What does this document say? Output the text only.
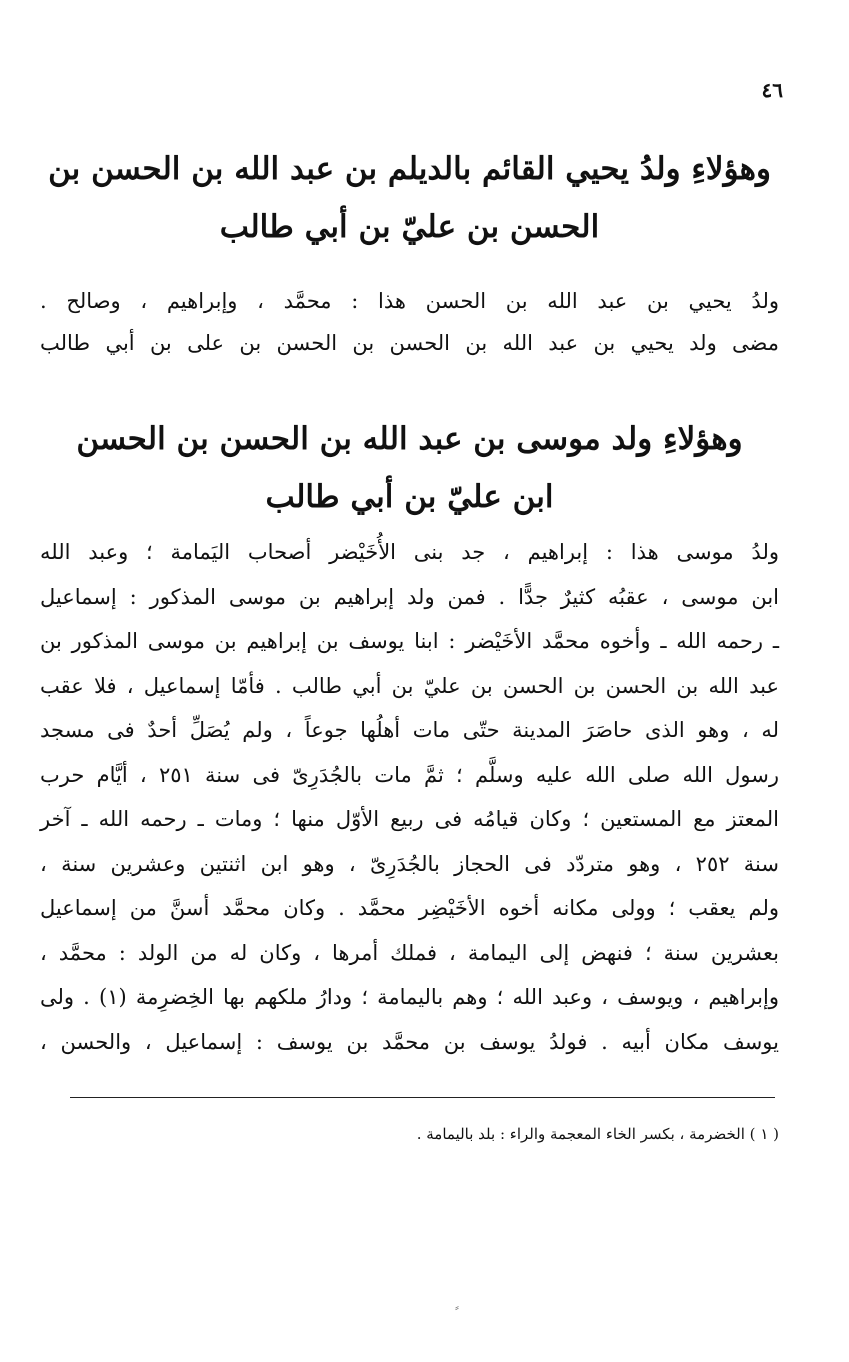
٤٦
وهؤلاءِ ولدُ يحيي القائم بالديلم بن عبد الله بن الحسن بن
الحسن بن عليّ بن أبي طالب
ولدُ يحيي بن عبد الله بن الحسن هذا : محمَّد ، وإبراهيم ، وصالح .
مضى ولد يحيي بن عبد الله بن الحسن بن الحسن بن على بن أبي طالب
وهؤلاءِ ولد موسى بن عبد الله بن الحسن بن الحسن
ابن عليّ بن أبي طالب
ولدُ موسى هذا : إبراهيم ، جد بنى الأُخَيْضر أصحاب اليَمامة ؛ وعبد الله
ابن موسى ، عقبُه كثيرٌ جدًّا . فمن ولد إبراهيم بن موسى المذكور : إسماعيل
ـ رحمه الله ـ وأخوه محمَّد الأخَيْضر : ابنا يوسف بن إبراهيم بن موسى المذكور بن
عبد الله بن الحسن بن الحسن بن عليّ بن أبي طالب . فأمّا إسماعيل ، فلا عقب
له ، وهو الذى حاصَرَ المدينة حتّى مات أهلُها جوعاً ، ولم يُصَلِّ أحدٌ فى مسجد
رسول الله صلى الله عليه وسلَّم ؛ ثمَّ مات بالجُدَرِىّ فى سنة ٢٥١ ، أيَّام حرب
المعتز مع المستعين ؛ وكان قيامُه فى ربيع الأوّل منها ؛ ومات ـ رحمه الله ـ آخر
سنة ٢٥٢ ، وهو متردّد فى الحجاز بالجُدَرِىّ ، وهو ابن اثنتين وعشرين سنة ،
ولم يعقب ؛ وولى مكانه أخوه الأخَيْضِر محمَّد . وكان محمَّد أسنَّ من إسماعيل
بعشرين سنة ؛ فنهض إلى اليمامة ، فملك أمرها ، وكان له من الولد : محمَّد ،
وإبراهيم ، ويوسف ، وعبد الله ؛ وهم باليمامة ؛ ودارُ ملكهم بها الخِضرِمة (١) . ولى
يوسف مكان أبيه . فولدُ يوسف بن محمَّد بن يوسف : إسماعيل ، والحسن ،
( ١ ) الخضرمة ، بكسر الخاء المعجمة والراء : بلد باليمامة .
⸗
